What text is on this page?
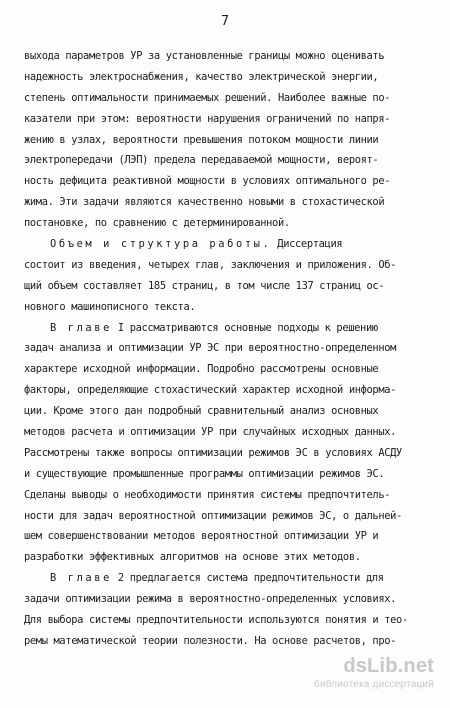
7
выхода параметров УР за установленные границы можно оценивать
надежность электроснабжения, качество электрической энергии,
степень оптимальности принимаемых решений. Наиболее важные по-
казатели при этом: вероятности нарушения ограничений по напря-
жению в узлах, вероятности превышения потоком мощности линии
электропередачи (ЛЭП) предела передаваемой мощности, вероят-
ность дефицита реактивной мощности в условиях оптимального ре-
жима. Эти задачи являются качественно новыми в стохастической
постановке, по сравнению с детерминированной.
Объем и структура работы. Диссертация
состоит из введения, четырех глав, заключения и приложения. Об-
щий объем составляет 185 страниц, в том числе 137 страниц ос-
новного машинописного текста.
В главе I рассматриваются основные подходы к решению
задач анализа и оптимизации УР ЭС при вероятностно-определенном
характере исходной информации. Подробно рассмотрены основные
факторы, определяющие стохастический характер исходной информа-
ции. Кроме этого дан подробный сравнительный анализ основных
методов расчета и оптимизации УР при случайных исходных данных.
Рассмотрены также вопросы оптимизации режимов ЭС в условиях АСДУ
и существующие промышленные программы оптимизации режимов ЭС.
Сделаны выводы о необходимости принятия системы предпочтитель-
ности для задач вероятностной оптимизации режимов ЭС, о дальней-
шем совершенствовании методов вероятностной оптимизации УР и
разработки эффективных алгоритмов на основе этих методов.
В главе 2 предлагается система предпочтительности для
задачи оптимизации режима в вероятностно-определенных условиях.
Для выбора системы предпочтительности используются понятия и тео-
ремы математической теории полезности. На основе расчетов, про-
dsLib.net
библиотека диссертаций
